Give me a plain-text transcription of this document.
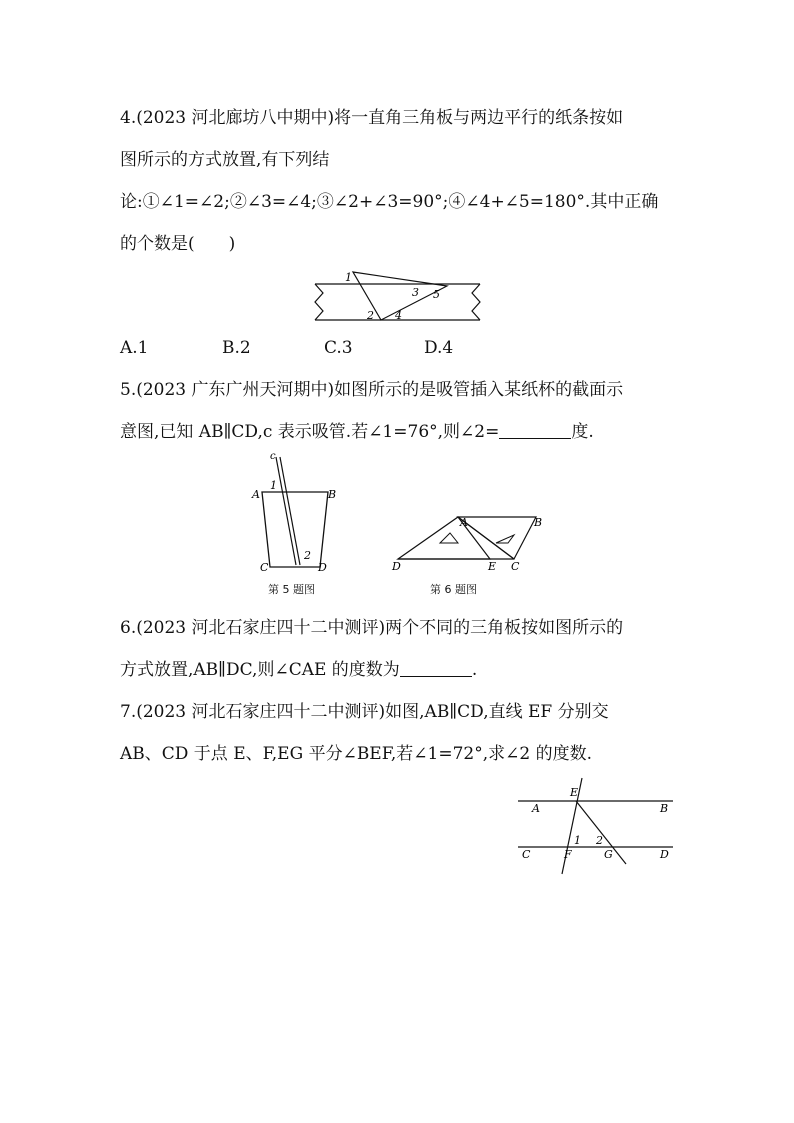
4.(2023 河北廊坊八中期中)将一直角三角板与两边平行的纸条按如

图所示的方式放置,有下列结

论:①∠1=∠2;②∠3=∠4;③∠2+∠3=90°;④∠4+∠5=180°.其中正确

的个数是(　　)

1
3 5
2 4
A.1	B.2	C.3	D.4

5.(2023 广东广州天河期中)如图所示的是吸管插入某纸杯的截面示

意图,已知 AB∥CD,c 表示吸管.若∠1=76°,则∠2=	度.

c
1
A	B
C	D
2
第 5 题图
A	B
D	E C
第 6 题图

6.(2023 河北石家庄四十二中测评)两个不同的三角板按如图所示的

方式放置,AB∥DC,则∠CAE 的度数为	.

7.(2023 河北石家庄四十二中测评)如图,AB∥CD,直线 EF 分别交

AB、CD 于点 E、F,EG 平分∠BEF,若∠1=72°,求∠2 的度数.

E
A	B
1 2
C	F	G	D
